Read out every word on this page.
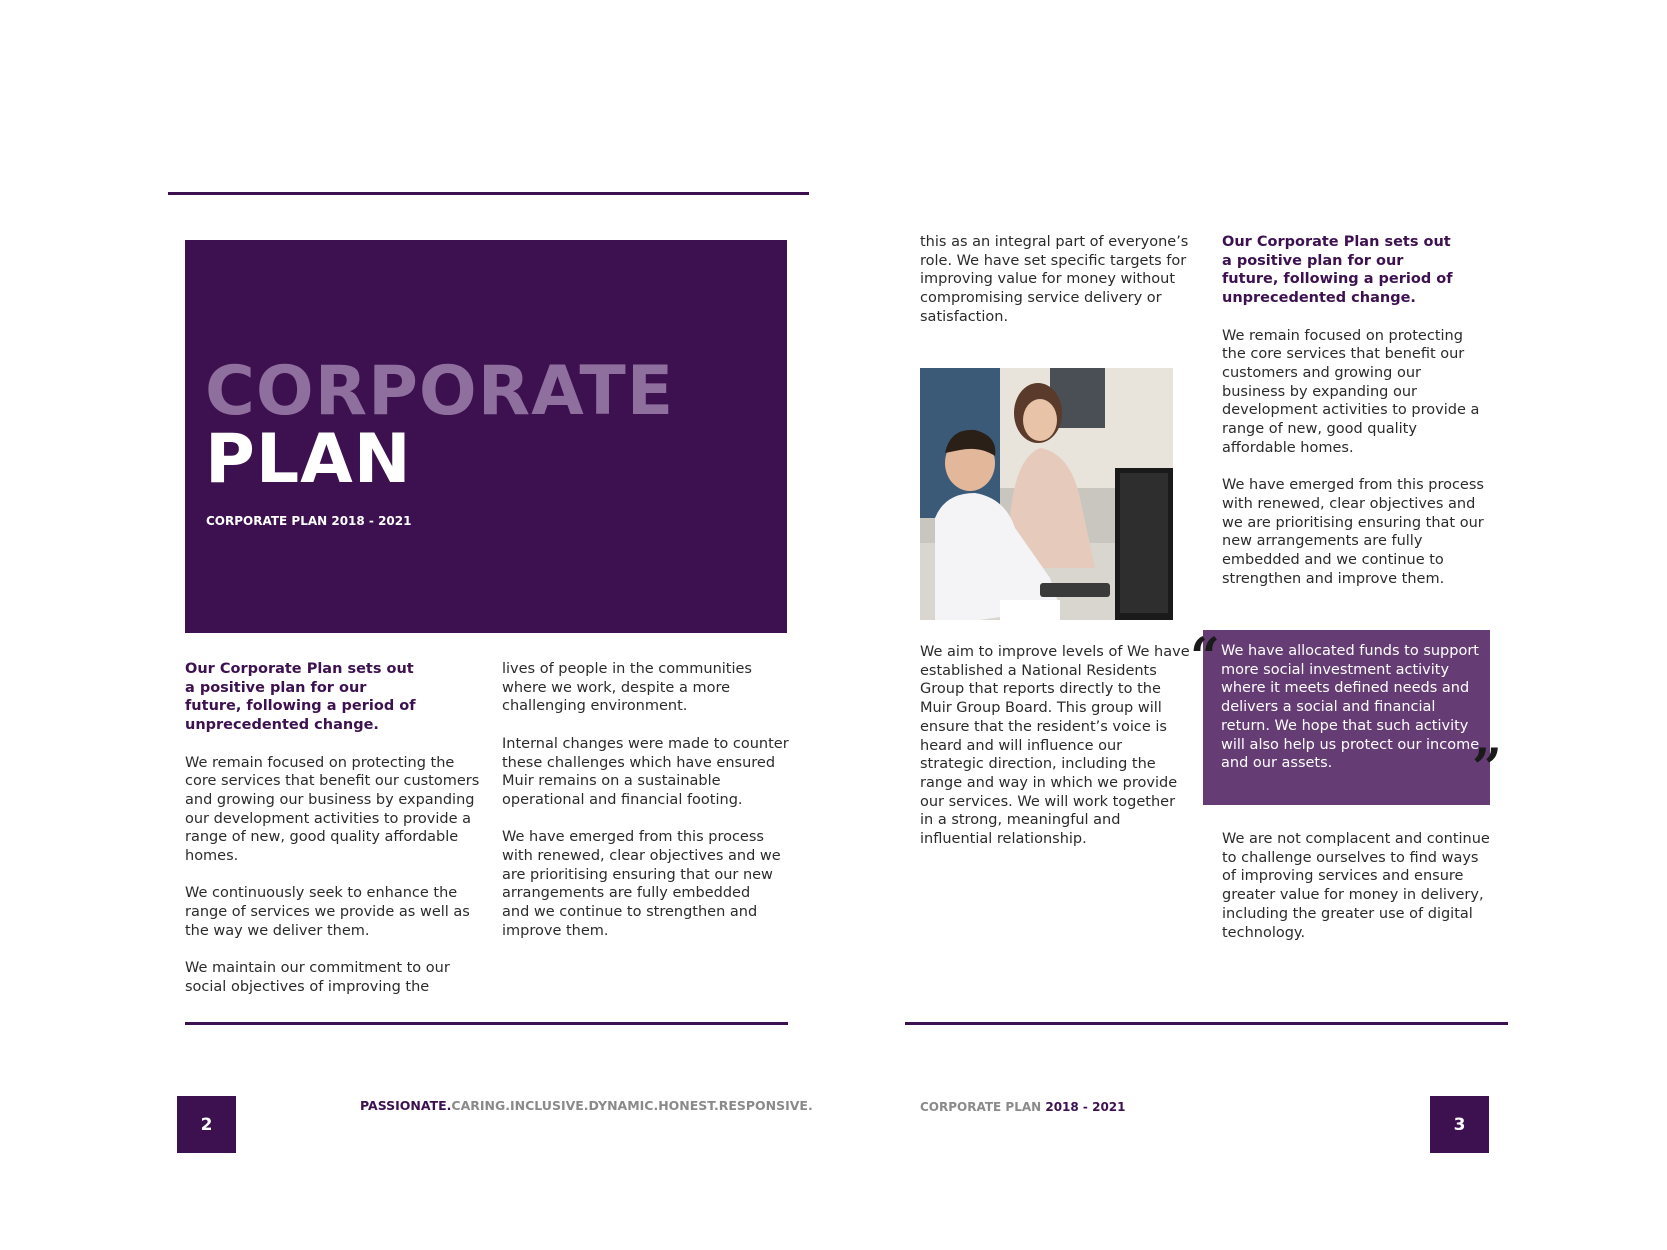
CORPORATE
PLAN
CORPORATE PLAN 2018 - 2021

Our Corporate Plan sets out a positive plan for our future, following a period of unprecedented change.

We remain focused on protecting the core services that benefit our customers and growing our business by expanding our development activities to provide a range of new, good quality affordable homes.

We continuously seek to enhance the range of services we provide as well as the way we deliver them.

We maintain our commitment to our social objectives of improving the

lives of people in the communities where we work, despite a more challenging environment.

Internal changes were made to counter these challenges which have ensured Muir remains on a sustainable operational and financial footing.

We have emerged from this process with renewed, clear objectives and we are prioritising ensuring that our new arrangements are fully embedded and we continue to strengthen and improve them.

this as an integral part of everyone’s role. We have set specific targets for improving value for money without compromising service delivery or satisfaction.

We aim to improve levels of We have established a National Residents Group that reports directly to the Muir Group Board. This group will ensure that the resident’s voice is heard and will influence our strategic direction, including the range and way in which we provide our services. We will work together in a strong, meaningful and influential relationship.

Our Corporate Plan sets out a positive plan for our future, following a period of unprecedented change.

We remain focused on protecting the core services that benefit our customers and growing our business by expanding our development activities to provide a range of new, good quality affordable homes.

We have emerged from this process with renewed, clear objectives and we are prioritising ensuring that our new arrangements are fully embedded and we continue to strengthen and improve them.

We have allocated funds to support more social investment activity where it meets defined needs and delivers a social and financial return. We hope that such activity will also help us protect our income and our assets.
“
”

We are not complacent and continue to challenge ourselves to find ways of improving services and ensure greater value for money in delivery, including the greater use of digital technology.

2
PASSIONATE.CARING.INCLUSIVE.DYNAMIC.HONEST.RESPONSIVE.	CORPORATE PLAN 2018 - 2021
3
